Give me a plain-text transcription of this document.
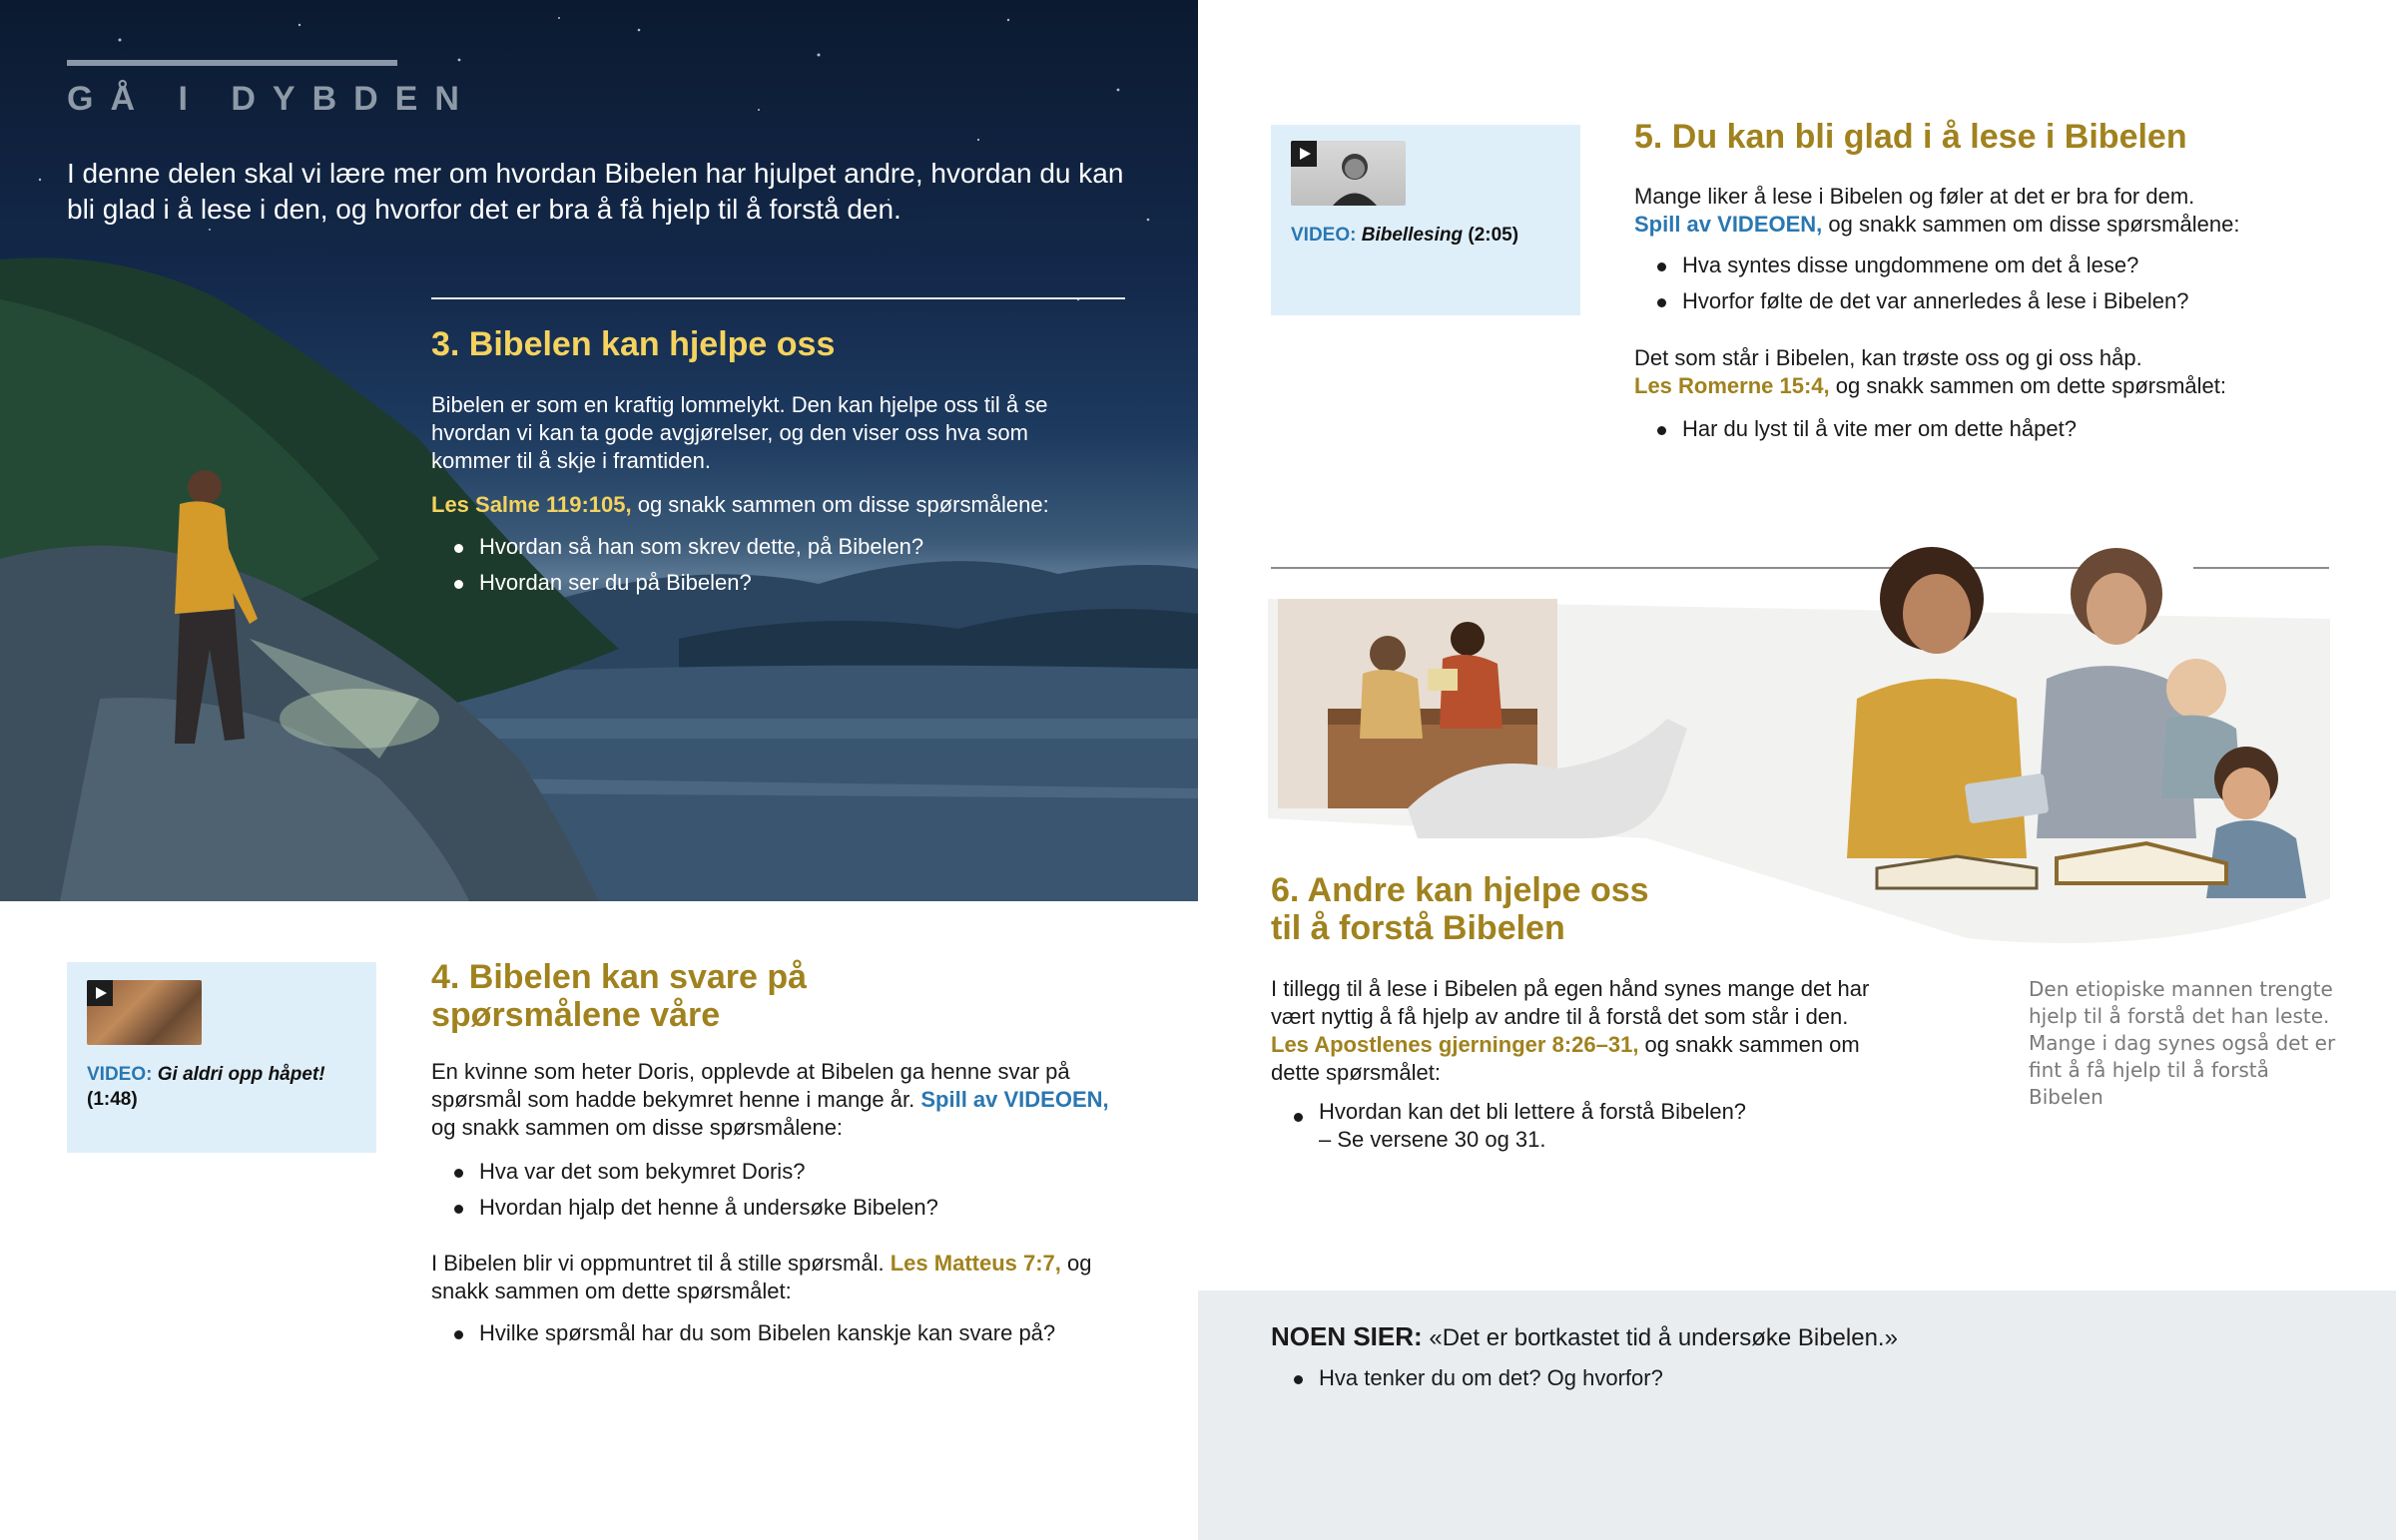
GÅ I DYBDEN

I denne delen skal vi lære mer om hvordan Bibelen har hjulpet andre, hvordan du kan bli glad i å lese i den, og hvorfor det er bra å få hjelp til å forstå den.

3. Bibelen kan hjelpe oss

Bibelen er som en kraftig lommelykt. Den kan hjelpe oss til å se hvordan vi kan ta gode avgjørelser, og den viser oss hva som kommer til å skje i framtiden.

Les Salme 119:105, og snakk sammen om disse spørsmålene:

Hvordan så han som skrev dette, på Bibelen?
Hvordan ser du på Bibelen?
VIDEO: Gi aldri opp håpet!
(1:48)
4. Bibelen kan svare på
spørsmålene våre

En kvinne som heter Doris, opplevde at Bibelen ga henne svar på spørsmål som hadde bekymret henne i mange år. Spill av VIDEOEN, og snakk sammen om disse spørsmålene:

Hva var det som bekymret Doris?
Hvordan hjalp det henne å undersøke Bibelen?

I Bibelen blir vi oppmuntret til å stille spørsmål. Les Matteus 7:7, og snakk sammen om dette spørsmålet:

Hvilke spørsmål har du som Bibelen kanskje kan svare på?
VIDEO: Bibellesing (2:05)
5. Du kan bli glad i å lese i Bibelen

Mange liker å lese i Bibelen og føler at det er bra for dem.
Spill av VIDEOEN, og snakk sammen om disse spørsmålene:

Hva syntes disse ungdommene om det å lese?
Hvorfor følte de det var annerledes å lese i Bibelen?

Det som står i Bibelen, kan trøste oss og gi oss håp.
Les Romerne 15:4, og snakk sammen om dette spørsmålet:

Har du lyst til å vite mer om dette håpet?
6. Andre kan hjelpe oss
til å forstå Bibelen

I tillegg til å lese i Bibelen på egen hånd synes mange det har vært nyttig å få hjelp av andre til å forstå det som står i den.
Les Apostlenes gjerninger 8:26–31, og snakk sammen om dette spørsmålet:

Hvordan kan det bli lettere å forstå Bibelen?
– Se versene 30 og 31.

Den etiopiske mannen trengte hjelp til å forstå det han leste. Mange i dag synes også det er fint å få hjelp til å forstå Bibelen

NOEN SIER: «Det er bortkastet tid å undersøke Bibelen.»

Hva tenker du om det? Og hvorfor?
